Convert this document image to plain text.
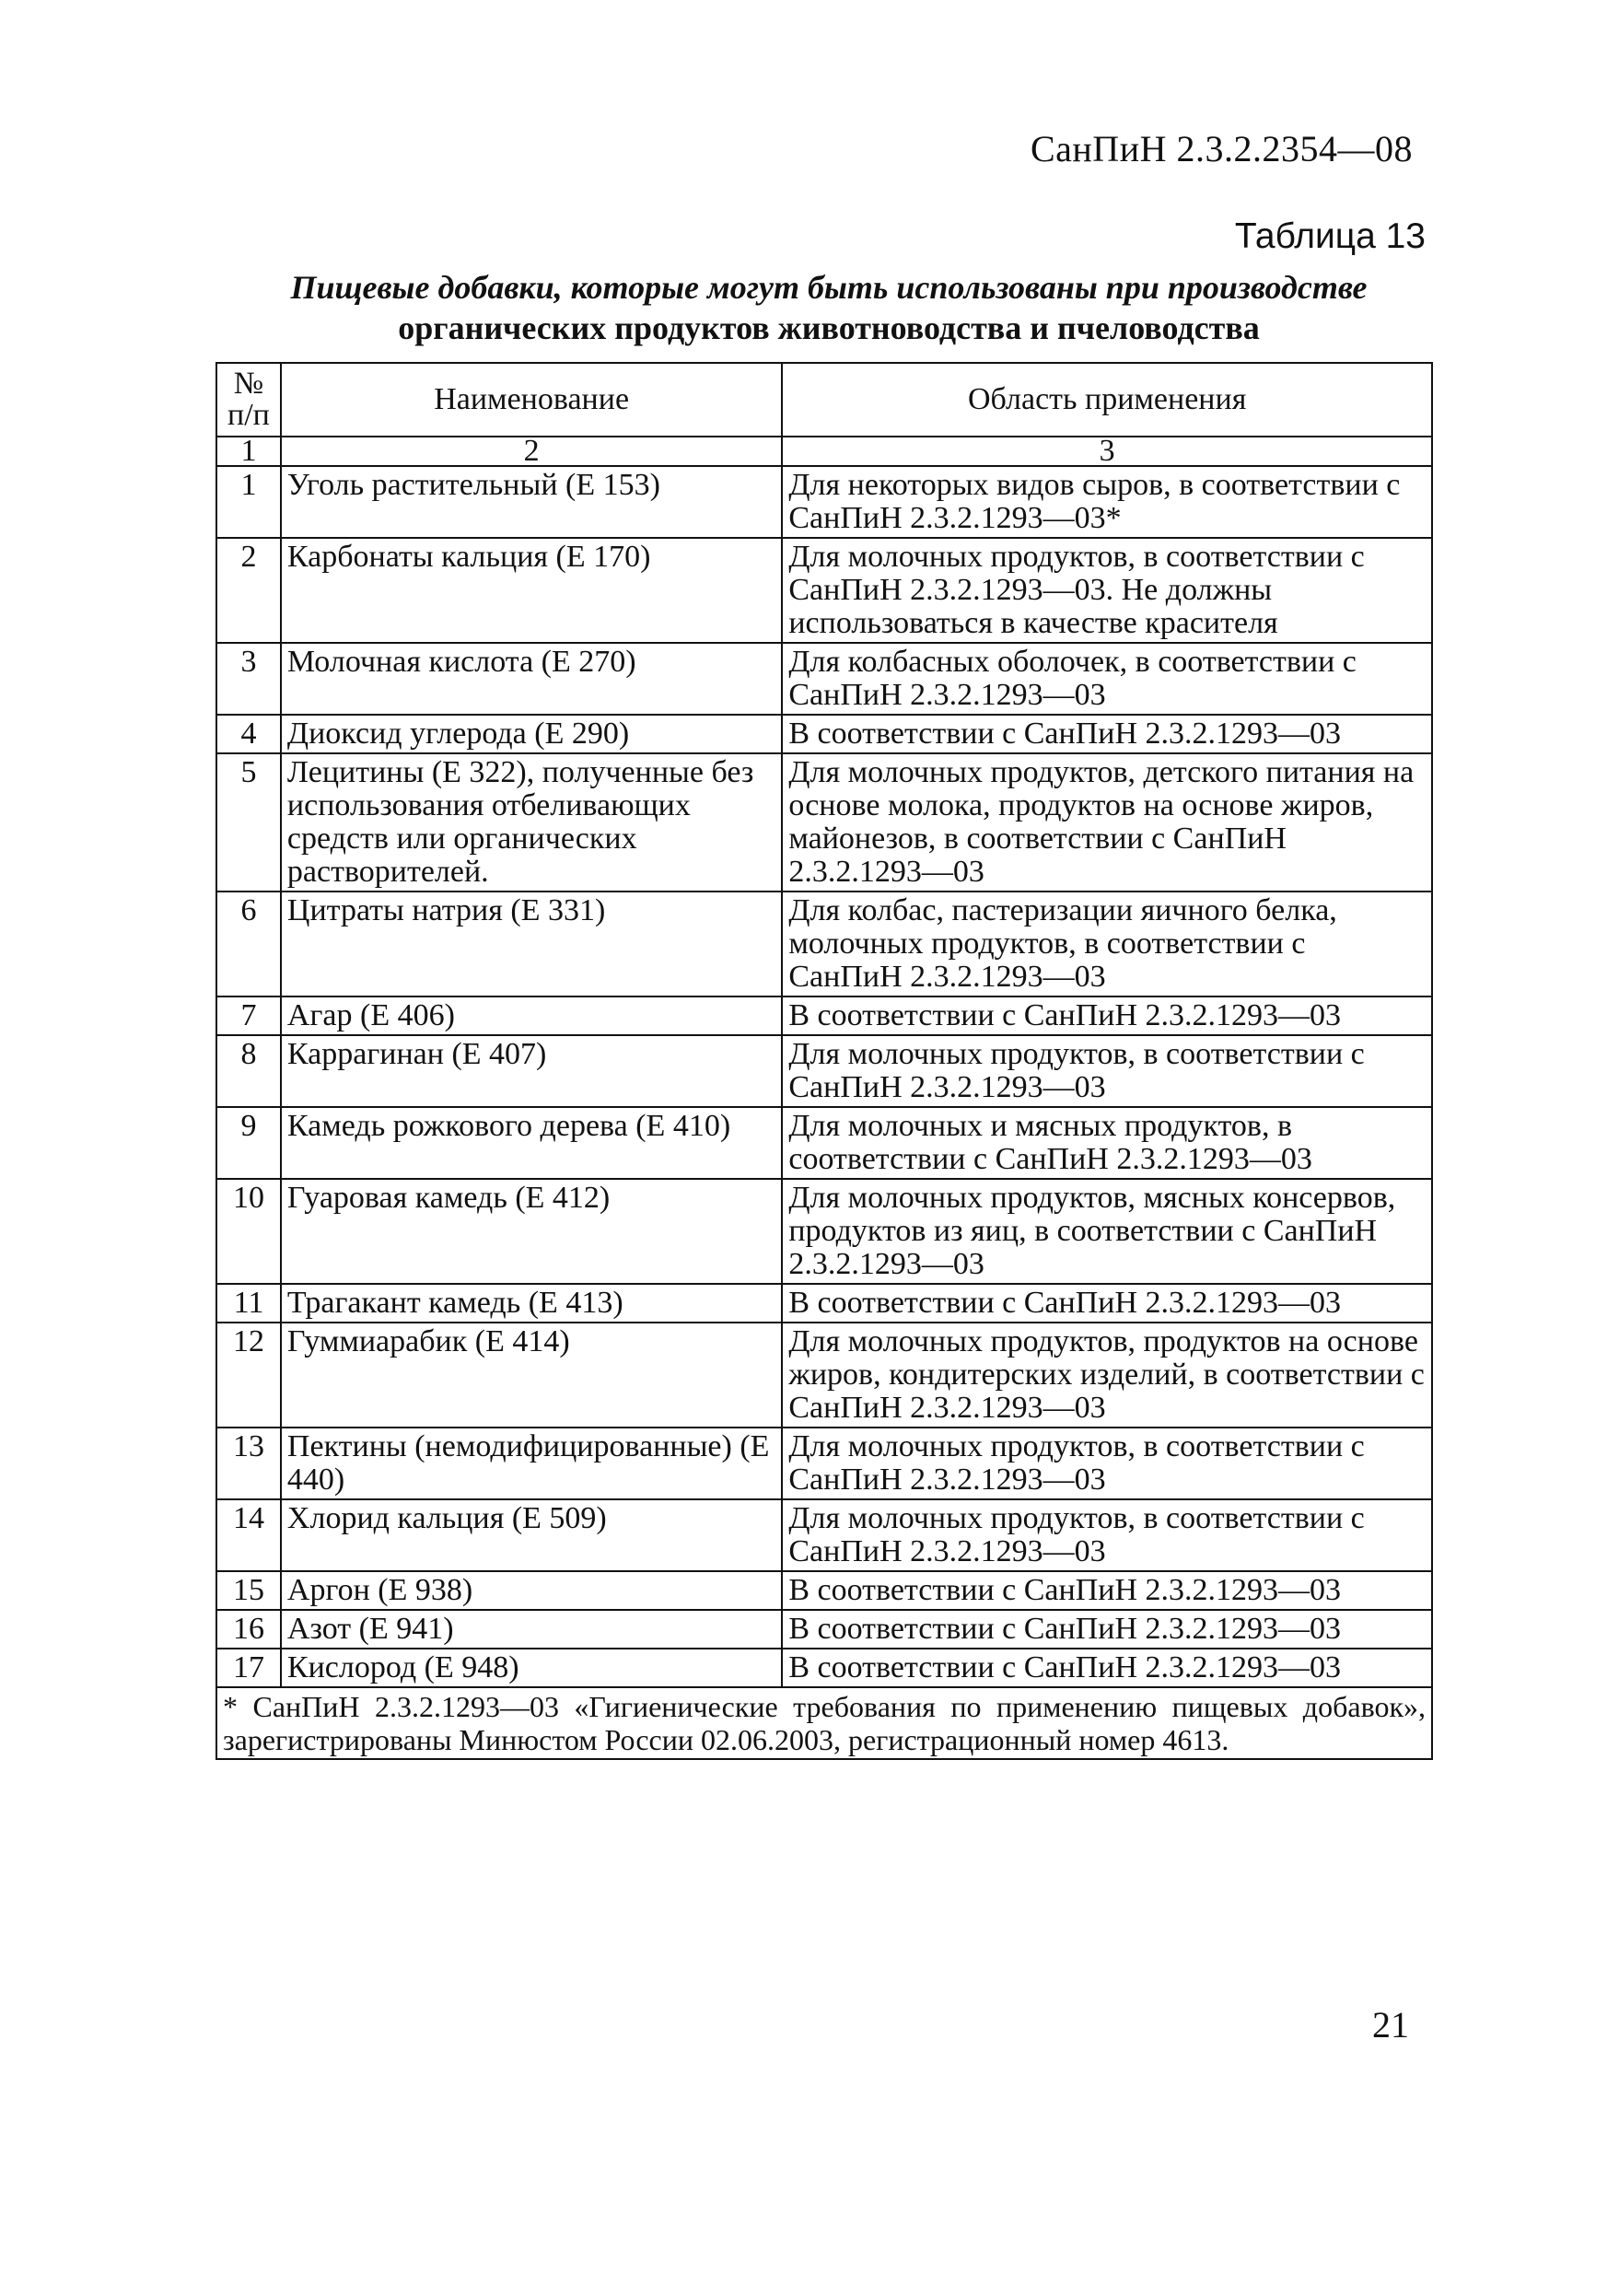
СанПиН 2.3.2.2354—08
Таблица 13
Пищевые добавки, которые могут быть использованы при производстве
органических продуктов животноводства и пчеловодства
№ п/п	Наименование	Область применения
1	2	3
1	Уголь растительный (Е 153)	Для некоторых видов сыров, в соответствии с СанПиН 2.3.2.1293—03*
2	Карбонаты кальция (Е 170)	Для молочных продуктов, в соответствии с СанПиН 2.3.2.1293—03. Не должны использоваться в качестве красителя
3	Молочная кислота (Е 270)	Для колбасных оболочек, в соответствии с СанПиН 2.3.2.1293—03
4	Диоксид углерода (Е 290)	В соответствии с СанПиН 2.3.2.1293—03
5	Лецитины (Е 322), полученные без использования отбеливающих средств или органических растворителей.	Для молочных продуктов, детского питания на основе молока, продуктов на основе жиров, майонезов, в соответствии с СанПиН 2.3.2.1293—03
6	Цитраты натрия (Е 331)	Для колбас, пастеризации яичного белка, молочных продуктов, в соответствии с СанПиН 2.3.2.1293—03
7	Агар (Е 406)	В соответствии с СанПиН 2.3.2.1293—03
8	Каррагинан (Е 407)	Для молочных продуктов, в соответствии с СанПиН 2.3.2.1293—03
9	Камедь рожкового дерева (Е 410)	Для молочных и мясных продуктов, в соответствии с СанПиН 2.3.2.1293—03
10	Гуаровая камедь (Е 412)	Для молочных продуктов, мясных консервов, продуктов из яиц, в соответствии с СанПиН 2.3.2.1293—03
11	Трагакант камедь (Е 413)	В соответствии с СанПиН 2.3.2.1293—03
12	Гуммиарабик (Е 414)	Для молочных продуктов, продуктов на основе жиров, кондитерских изделий, в соответствии с СанПиН 2.3.2.1293—03
13	Пектины (немодифицированные) (Е 440)	Для молочных продуктов, в соответствии с СанПиН 2.3.2.1293—03
14	Хлорид кальция (Е 509)	Для молочных продуктов, в соответствии с СанПиН 2.3.2.1293—03
15	Аргон (Е 938)	В соответствии с СанПиН 2.3.2.1293—03
16	Азот (Е 941)	В соответствии с СанПиН 2.3.2.1293—03
17	Кислород (Е 948)	В соответствии с СанПиН 2.3.2.1293—03
* СанПиН 2.3.2.1293—03 «Гигиенические требования по применению пищевых добавок», зарегистрированы Минюстом России 02.06.2003, регистрационный номер 4613.		
21
